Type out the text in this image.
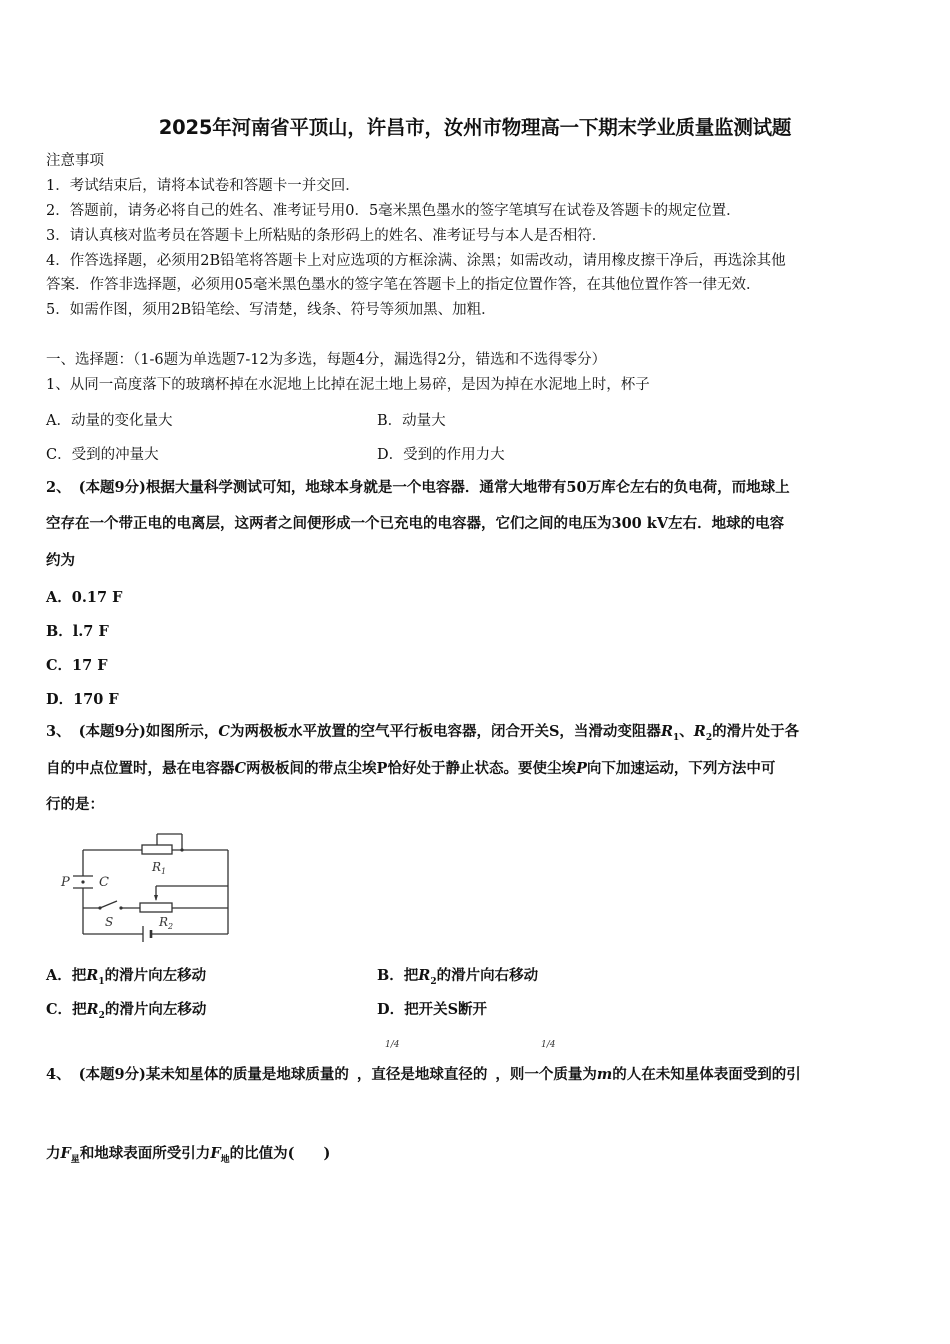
2025年河南省平顶山，许昌市，汝州市物理高一下期末学业质量监测试题
注意事项
1．考试结束后，请将本试卷和答题卡一并交回．
2．答题前，请务必将自己的姓名、准考证号用0．5毫米黑色墨水的签字笔填写在试卷及答题卡的规定位置．
3．请认真核对监考员在答题卡上所粘贴的条形码上的姓名、准考证号与本人是否相符．
4．作答选择题，必须用2B铅笔将答题卡上对应选项的方框涂满、涂黑；如需改动，请用橡皮擦干净后，再选涂其他
答案．作答非选择题，必须用05毫米黑色墨水的签字笔在答题卡上的指定位置作答，在其他位置作答一律无效．
5．如需作图，须用2B铅笔绘、写清楚，线条、符号等须加黑、加粗．
一、选择题：（1-6题为单选题7-12为多选，每题4分，漏选得2分，错选和不选得零分）
1、从同一高度落下的玻璃杯掉在水泥地上比掉在泥土地上易碎，是因为掉在水泥地上时，杯子
A．动量的变化量大	B．动量大
C．受到的冲量大	D．受到的作用力大
2、 (本题9分)根据大量科学测试可知，地球本身就是一个电容器．通常大地带有50万库仑左右的负电荷，而地球上
空存在一个带正电的电离层，这两者之间便形成一个已充电的电容器，它们之间的电压为300 kV左右．地球的电容
约为
A．0.17 F
B．l.7 F
C．17 F
D．170 F
3、 (本题9分)如图所示，C为两极板水平放置的空气平行板电容器，闭合开关S，当滑动变阻器$R_1$、$R_2$的滑片处于各
自的中点位置时，悬在电容器C两极板间的带点尘埃P恰好处于静止状态。要使尘埃P向下加速运动，下列方法中可
行的是：
P C
R 1
R 2
S
A．把$R_1$的滑片向左移动	B．把$R_2$的滑片向右移动
C．把$R_2$的滑片向左移动	D．把开关S断开
1/4	1/4
4、 (本题9分)某未知星体的质量是地球质量的 ，直径是地球直径的 ，则一个质量为m的人在未知星体表面受到的引
力$F_星$和地球表面所受引力$F_地$的比值为(　　)
